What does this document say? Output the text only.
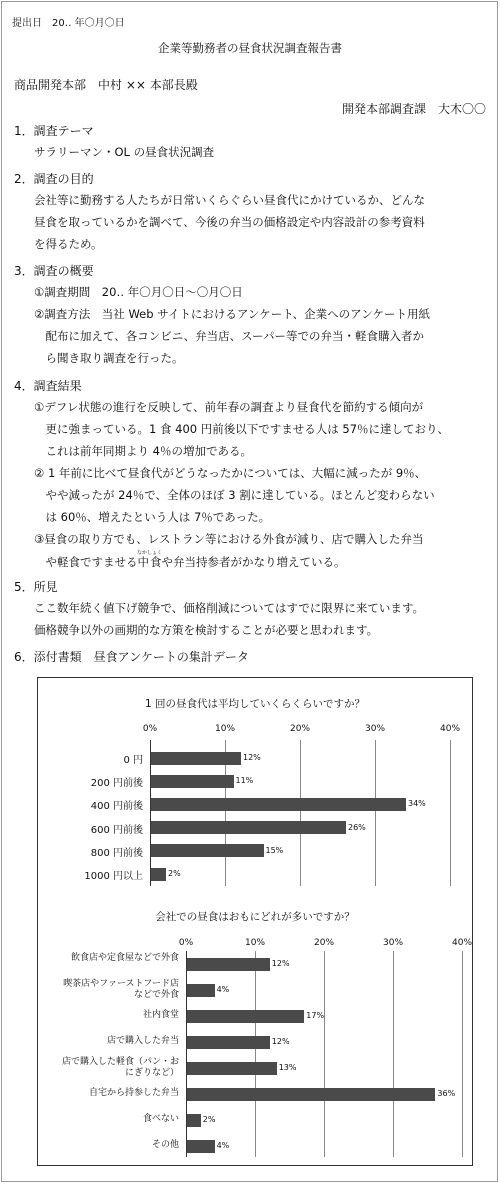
提出日　20‥ 年〇月〇日
企業等勤務者の昼食状況調査報告書
商品開発本部　中村 ×× 本部長殿
開発本部調査課　大木〇〇
1．調査テーマ

サラリーマン・OL の昼食状況調査

2．調査の目的

会社等に勤務する人たちが日常いくらぐらい昼食代にかけているか、どんな

昼食を取っているかを調べて、今後の弁当の価格設定や内容設計の参考資料

を得るため。

3．調査の概要

①調査期間　20‥ 年〇月〇日〜〇月〇日

②調査方法　当社 Web サイトにおけるアンケート、企業へのアンケート用紙

　配布に加えて、各コンビニ、弁当店、スーパー等での弁当・軽食購入者か

　ら聞き取り調査を行った。

4．調査結果

①デフレ状態の進行を反映して、前年春の調査より昼食代を節約する傾向が

　更に強まっている。1 食 400 円前後以下ですませる人は 57％に達しており、

　これは前年同期より 4％の増加である。

② 1 年前に比べて昼食代がどうなったかについては、大幅に減ったが 9％、

　やや減ったが 24％で、全体のほぼ 3 割に達している。ほとんど変わらない

　は 60％、増えたという人は 7％であった。

③昼食の取り方でも、レストラン等における外食が減り、店で購入した弁当

　や軽食ですませる中食なかしょくや弁当持参者がかなり増えている。

5．所見

ここ数年続く値下げ競争で、価格削減についてはすでに限界に来ています。

価格競争以外の画期的な方策を検討することが必要と思われます。

6．添付書類　昼食アンケートの集計データ
1 回の昼食代は平均していくらくらいですか？
0%	10%	20%	30%	40%
0 円	12%
200 円前後	11%
400 円前後	34%
600 円前後	26%
800 円前後	15%
1000 円以上	2%
会社での昼食はおもにどれが多いですか？
0%	10%	20%	30%	40%
飲食店や定食屋などで外食
12%
喫茶店やファーストフード店などで外食
4%
社内食堂	17%
店で購入した弁当	12%
店で購入した軽食（パン・おにぎりなど）
13%
自宅から持参した弁当	36%
食べない	2%
その他	4%
